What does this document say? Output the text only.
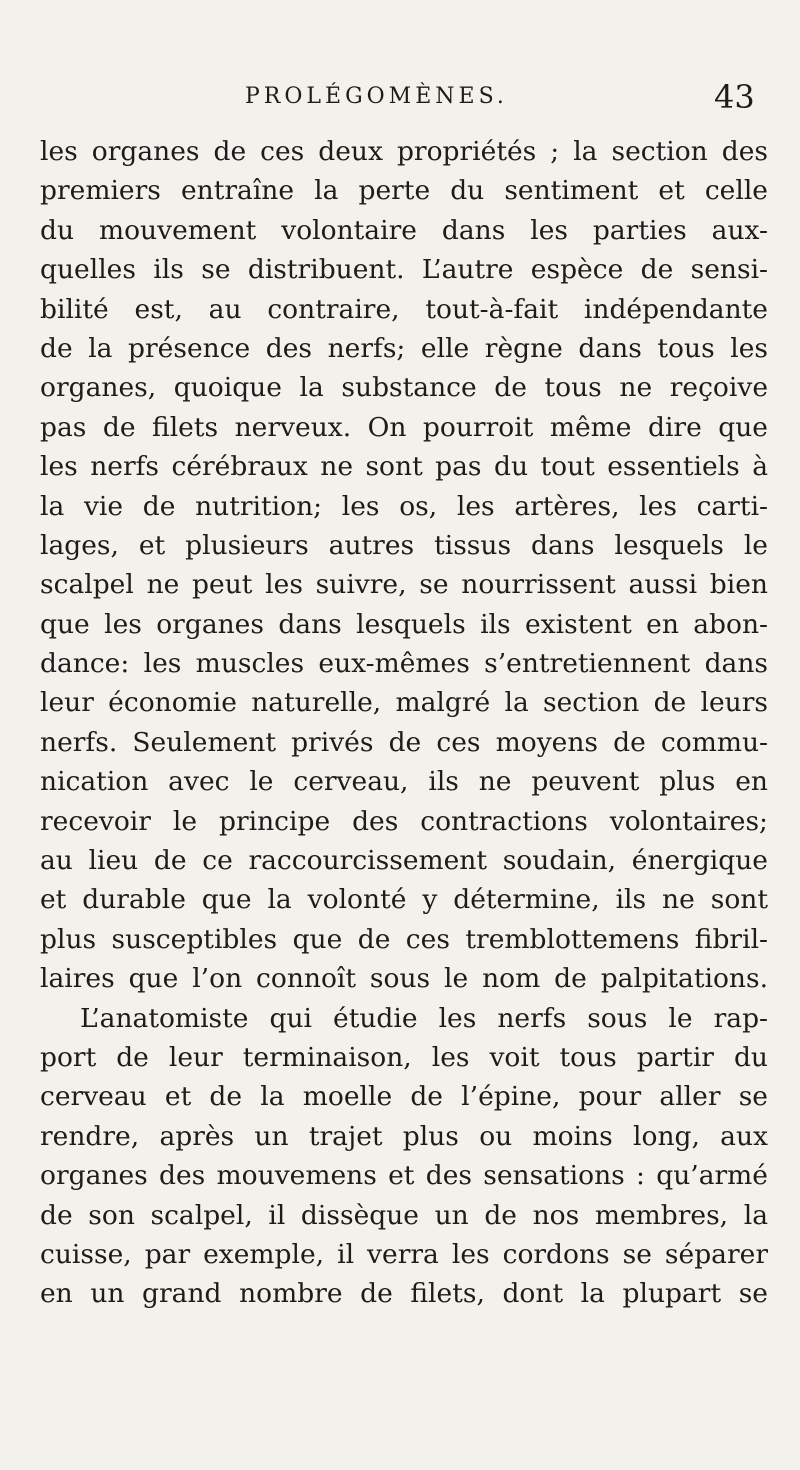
PROLÉGOMÈNES.	43
les organes de ces deux propriétés ; la section des
premiers entraîne la perte du sentiment et celle
du mouvement volontaire dans les parties aux-
quelles ils se distribuent. L’autre espèce de sensi-
bilité est, au contraire, tout-à-fait indépendante
de la présence des nerfs; elle règne dans tous les
organes, quoique la substance de tous ne reçoive
pas de filets nerveux. On pourroit même dire que
les nerfs cérébraux ne sont pas du tout essentiels à
la vie de nutrition; les os, les artères, les carti-
lages, et plusieurs autres tissus dans lesquels le
scalpel ne peut les suivre, se nourrissent aussi bien
que les organes dans lesquels ils existent en abon-
dance: les muscles eux-mêmes s’entretiennent dans
leur économie naturelle, malgré la section de leurs
nerfs. Seulement privés de ces moyens de commu-
nication avec le cerveau, ils ne peuvent plus en
recevoir le principe des contractions volontaires;
au lieu de ce raccourcissement soudain, énergique
et durable que la volonté y détermine, ils ne sont
plus susceptibles que de ces tremblottemens fibril-
laires que l’on connoît sous le nom de palpitations.
L’anatomiste qui étudie les nerfs sous le rap-
port de leur terminaison, les voit tous partir du
cerveau et de la moelle de l’épine, pour aller se
rendre, après un trajet plus ou moins long, aux
organes des mouvemens et des sensations : qu’armé
de son scalpel, il dissèque un de nos membres, la
cuisse, par exemple, il verra les cordons se séparer
en un grand nombre de filets, dont la plupart se
